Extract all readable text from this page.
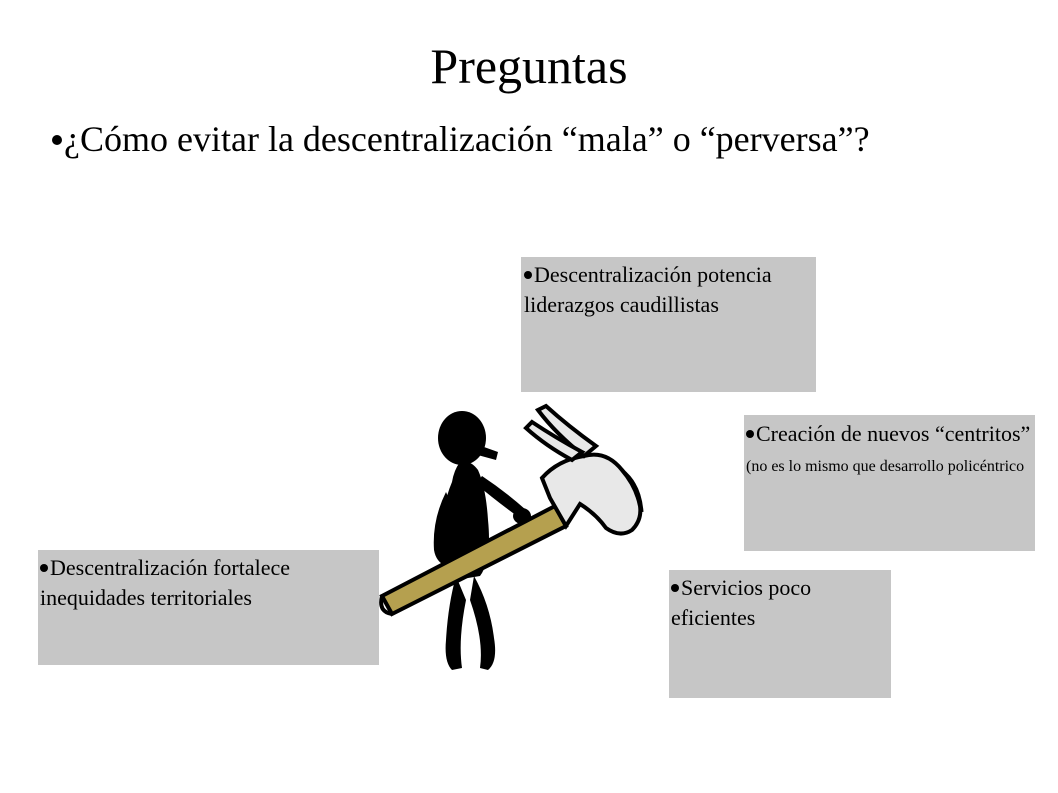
Preguntas
¿Cómo evitar la descentralización “mala” o “perversa”?
Descentralización potencia liderazgos caudillistas
Creación de nuevos “centritos” (no es lo mismo que desarrollo policéntrico
Descentralización fortalece inequidades territoriales	Servicios poco eficientes
